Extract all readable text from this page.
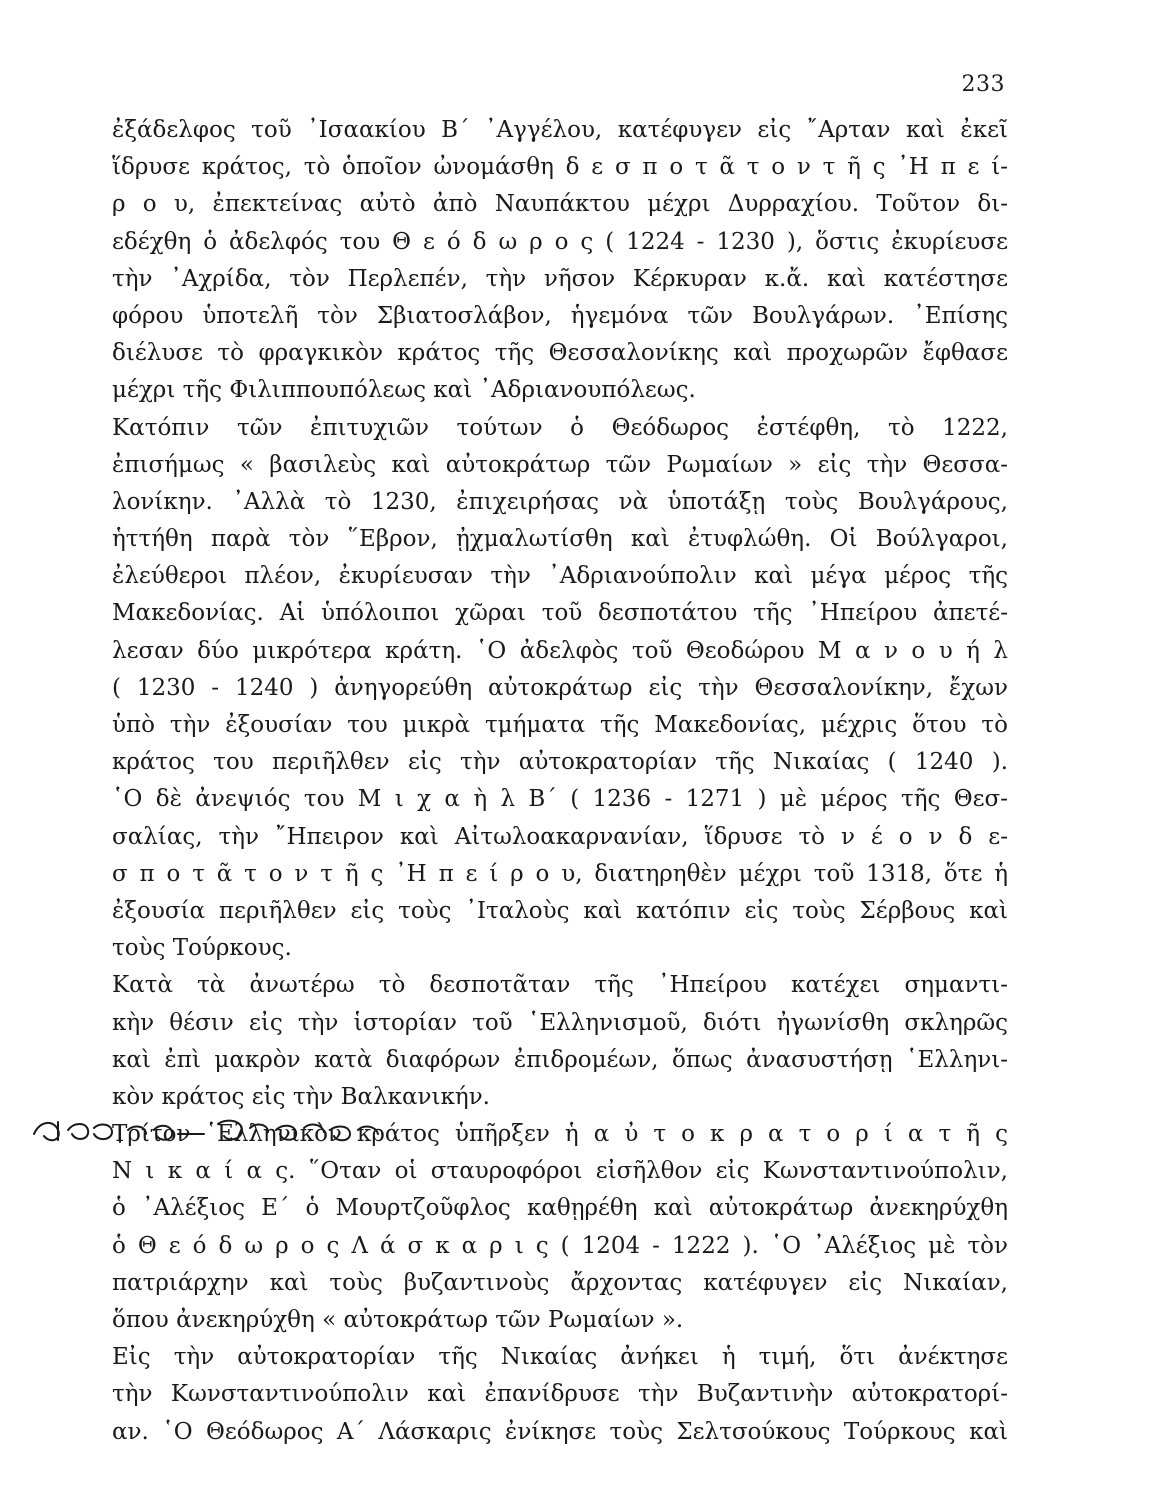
233
ἐξάδελφος τοῦ ᾿Ισαακίου Β΄ ᾿Αγγέλου, κατέφυγεν εἰς ῎Αρταν καὶ ἐκεῖ
ἵδρυσε κράτος, τὸ ὁποῖον ὠνομάσθη δ ε σ π ο τ ᾶ τ ο ν τ ῆ ς ᾿Η π ε ί-
ρ ο υ, ἐπεκτείνας αὐτὸ ἀπὸ Ναυπάκτου μέχρι Δυρραχίου. Τοῦτον δι-
εδέχθη ὁ ἀδελφός του Θ ε ό δ ω ρ ο ς ( 1224 - 1230 ), ὅστις ἐκυρίευσε
τὴν ᾿Αχρίδα, τὸν Περλεπέν, τὴν νῆσον Κέρκυραν κ.ἄ. καὶ κατέστησε
φόρου ὑποτελῆ τὸν Σβιατοσλάβον, ἡγεμόνα τῶν Βουλγάρων. ᾿Επίσης
διέλυσε τὸ φραγκικὸν κράτος τῆς Θεσσαλονίκης καὶ προχωρῶν ἔφθασε
μέχρι τῆς Φιλιππουπόλεως καὶ ᾿Αδριανουπόλεως.
Κατόπιν τῶν ἐπιτυχιῶν τούτων ὁ Θεόδωρος ἐστέφθη, τὸ 1222,
ἐπισήμως « βασιλεὺς καὶ αὐτοκράτωρ τῶν Ρωμαίων » εἰς τὴν Θεσσα-
λονίκην. ᾿Αλλὰ τὸ 1230, ἐπιχειρήσας νὰ ὑποτάξῃ τοὺς Βουλγάρους,
ἡττήθη παρὰ τὸν ῞Εβρον, ᾐχμαλωτίσθη καὶ ἐτυφλώθη. Οἱ Βούλγαροι,
ἐλεύθεροι πλέον, ἐκυρίευσαν τὴν ᾿Αδριανούπολιν καὶ μέγα μέρος τῆς
Μακεδονίας. Αἱ ὑπόλοιποι χῶραι τοῦ δεσποτάτου τῆς ᾿Ηπείρου ἀπετέ-
λεσαν δύο μικρότερα κράτη. ῾Ο ἀδελφὸς τοῦ Θεοδώρου Μ α ν ο υ ή λ
( 1230 - 1240 ) ἀνηγορεύθη αὐτοκράτωρ εἰς τὴν Θεσσαλονίκην, ἔχων
ὑπὸ τὴν ἐξουσίαν του μικρὰ τμήματα τῆς Μακεδονίας, μέχρις ὅτου τὸ
κράτος του περιῆλθεν εἰς τὴν αὐτοκρατορίαν τῆς Νικαίας ( 1240 ).
῾Ο δὲ ἀνεψιός του Μ ι χ α ὴ λ Β΄ ( 1236 - 1271 ) μὲ μέρος τῆς Θεσ-
σαλίας, τὴν ῎Ηπειρον καὶ Αἰτωλοακαρνανίαν, ἵδρυσε τὸ ν έ ο ν δ ε-
σ π ο τ ᾶ τ ο ν τ ῆ ς ᾿Η π ε ί ρ ο υ, διατηρηθὲν μέχρι τοῦ 1318, ὅτε ἡ
ἐξουσία περιῆλθεν εἰς τοὺς ᾿Ιταλοὺς καὶ κατόπιν εἰς τοὺς Σέρβους καὶ
τοὺς Τούρκους.
Κατὰ τὰ ἀνωτέρω τὸ δεσποτᾶταν τῆς ᾿Ηπείρου κατέχει σημαντι-
κὴν θέσιν εἰς τὴν ἱστορίαν τοῦ ῾Ελληνισμοῦ, διότι ἠγωνίσθη σκληρῶς
καὶ ἐπὶ μακρὸν κατὰ διαφόρων ἐπιδρομέων, ὅπως ἀνασυστήσῃ ῾Ελληνι-
κὸν κράτος εἰς τὴν Βαλκανικήν.
Τρίτον ῾Ελληνικὸν κράτος ὑπῆρξεν ἡ α ὐ τ ο κ ρ α τ ο ρ ί α τ ῆ ς
Ν ι κ α ί α ς. ῞Οταν οἱ σταυροφόροι εἰσῆλθον εἰς Κωνσταντινούπολιν,
ὁ ᾿Αλέξιος Ε΄ ὁ Μουρτζοῦφλος καθῃρέθη καὶ αὐτοκράτωρ ἀνεκηρύχθη
ὁ Θ ε ό δ ω ρ ο ς Λ ά σ κ α ρ ι ς ( 1204 - 1222 ). ῾Ο ᾿Αλέξιος μὲ τὸν
πατριάρχην καὶ τοὺς βυζαντινοὺς ἄρχοντας κατέφυγεν εἰς Νικαίαν,
ὅπου ἀνεκηρύχθη « αὐτοκράτωρ τῶν Ρωμαίων ».
Εἰς τὴν αὐτοκρατορίαν τῆς Νικαίας ἀνήκει ἡ τιμή, ὅτι ἀνέκτησε
τὴν Κωνσταντινούπολιν καὶ ἐπανίδρυσε τὴν Βυζαντινὴν αὐτοκρατορί-
αν. ῾Ο Θεόδωρος Α΄ Λάσκαρις ἐνίκησε τοὺς Σελτσούκους Τούρκους καὶ
